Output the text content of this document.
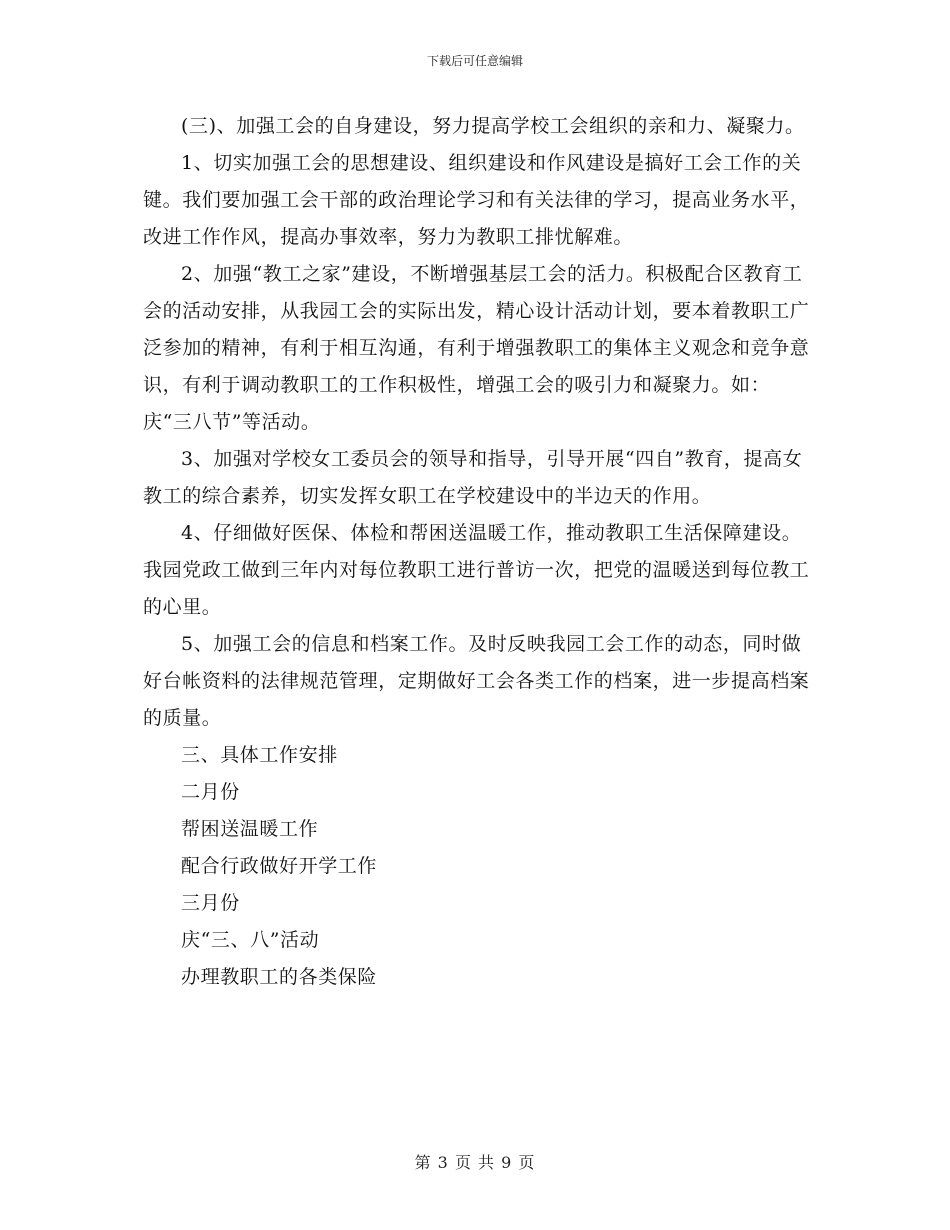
下载后可任意编辑

(三)、加强工会的自身建设，努力提高学校工会组织的亲和力、凝聚力。

1、切实加强工会的思想建设、组织建设和作风建设是搞好工会工作的关键。我们要加强工会干部的政治理论学习和有关法律的学习，提高业务水平，改进工作作风，提高办事效率，努力为教职工排忧解难。

2、加强“教工之家”建设，不断增强基层工会的活力。积极配合区教育工会的活动安排，从我园工会的实际出发，精心设计活动计划，要本着教职工广泛参加的精神，有利于相互沟通，有利于增强教职工的集体主义观念和竞争意识，有利于调动教职工的工作积极性，增强工会的吸引力和凝聚力。如：庆“三八节”等活动。

3、加强对学校女工委员会的领导和指导，引导开展“四自”教育，提高女教工的综合素养，切实发挥女职工在学校建设中的半边天的作用。

4、仔细做好医保、体检和帮困送温暖工作，推动教职工生活保障建设。我园党政工做到三年内对每位教职工进行普访一次，把党的温暖送到每位教工的心里。

5、加强工会的信息和档案工作。及时反映我园工会工作的动态，同时做好台帐资料的法律规范管理，定期做好工会各类工作的档案，进一步提高档案的质量。

三、具体工作安排

二月份

帮困送温暖工作

配合行政做好开学工作

三月份

庆“三、八”活动

办理教职工的各类保险

第 3 页 共 9 页
